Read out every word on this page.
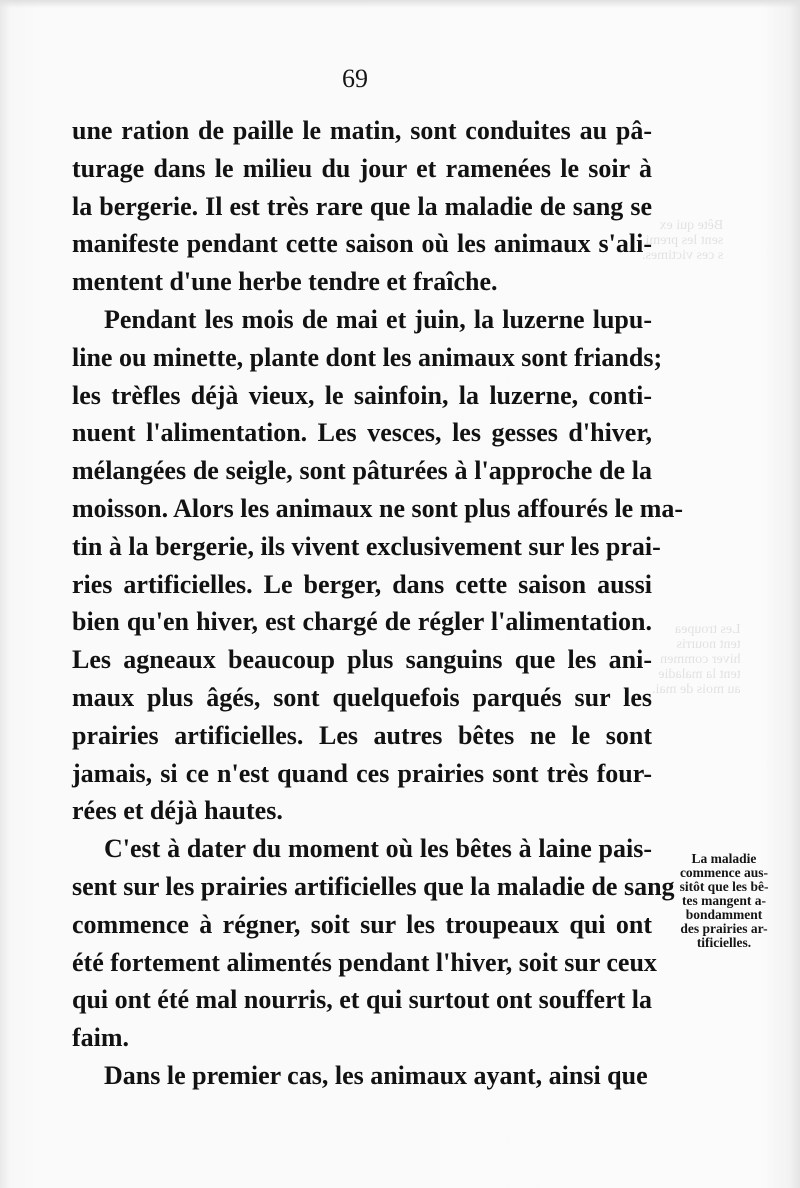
Bête qui ex
sent les premi
s ces victimes.
Les troupea
tent nourris
hiver commen
tent la maladie
au mois de mai.
69
une ration de paille le matin, sont conduites au pâ-
turage dans le milieu du jour et ramenées le soir à
la bergerie. Il est très rare que la maladie de sang se
manifeste pendant cette saison où les animaux s'ali-
mentent d'une herbe tendre et fraîche.
Pendant les mois de mai et juin, la luzerne lupu-
line ou minette, plante dont les animaux sont friands;
les trèfles déjà vieux, le sainfoin, la luzerne, conti-
nuent l'alimentation. Les vesces, les gesses d'hiver,
mélangées de seigle, sont pâturées à l'approche de la
moisson. Alors les animaux ne sont plus affourés le ma-
tin à la bergerie, ils vivent exclusivement sur les prai-
ries artificielles. Le berger, dans cette saison aussi
bien qu'en hiver, est chargé de régler l'alimentation.
Les agneaux beaucoup plus sanguins que les ani-
maux plus âgés, sont quelquefois parqués sur les
prairies artificielles. Les autres bêtes ne le sont
jamais, si ce n'est quand ces prairies sont très four-
rées et déjà hautes.
C'est à dater du moment où les bêtes à laine pais-
sent sur les prairies artificielles que la maladie de sang
commence à régner, soit sur les troupeaux qui ont
été fortement alimentés pendant l'hiver, soit sur ceux
qui ont été mal nourris, et qui surtout ont souffert la
faim.
Dans le premier cas, les animaux ayant, ainsi que
La maladie
commence aus-
sitôt que les bê-
tes mangent a-
bondamment
des prairies ar-
tificielles.
